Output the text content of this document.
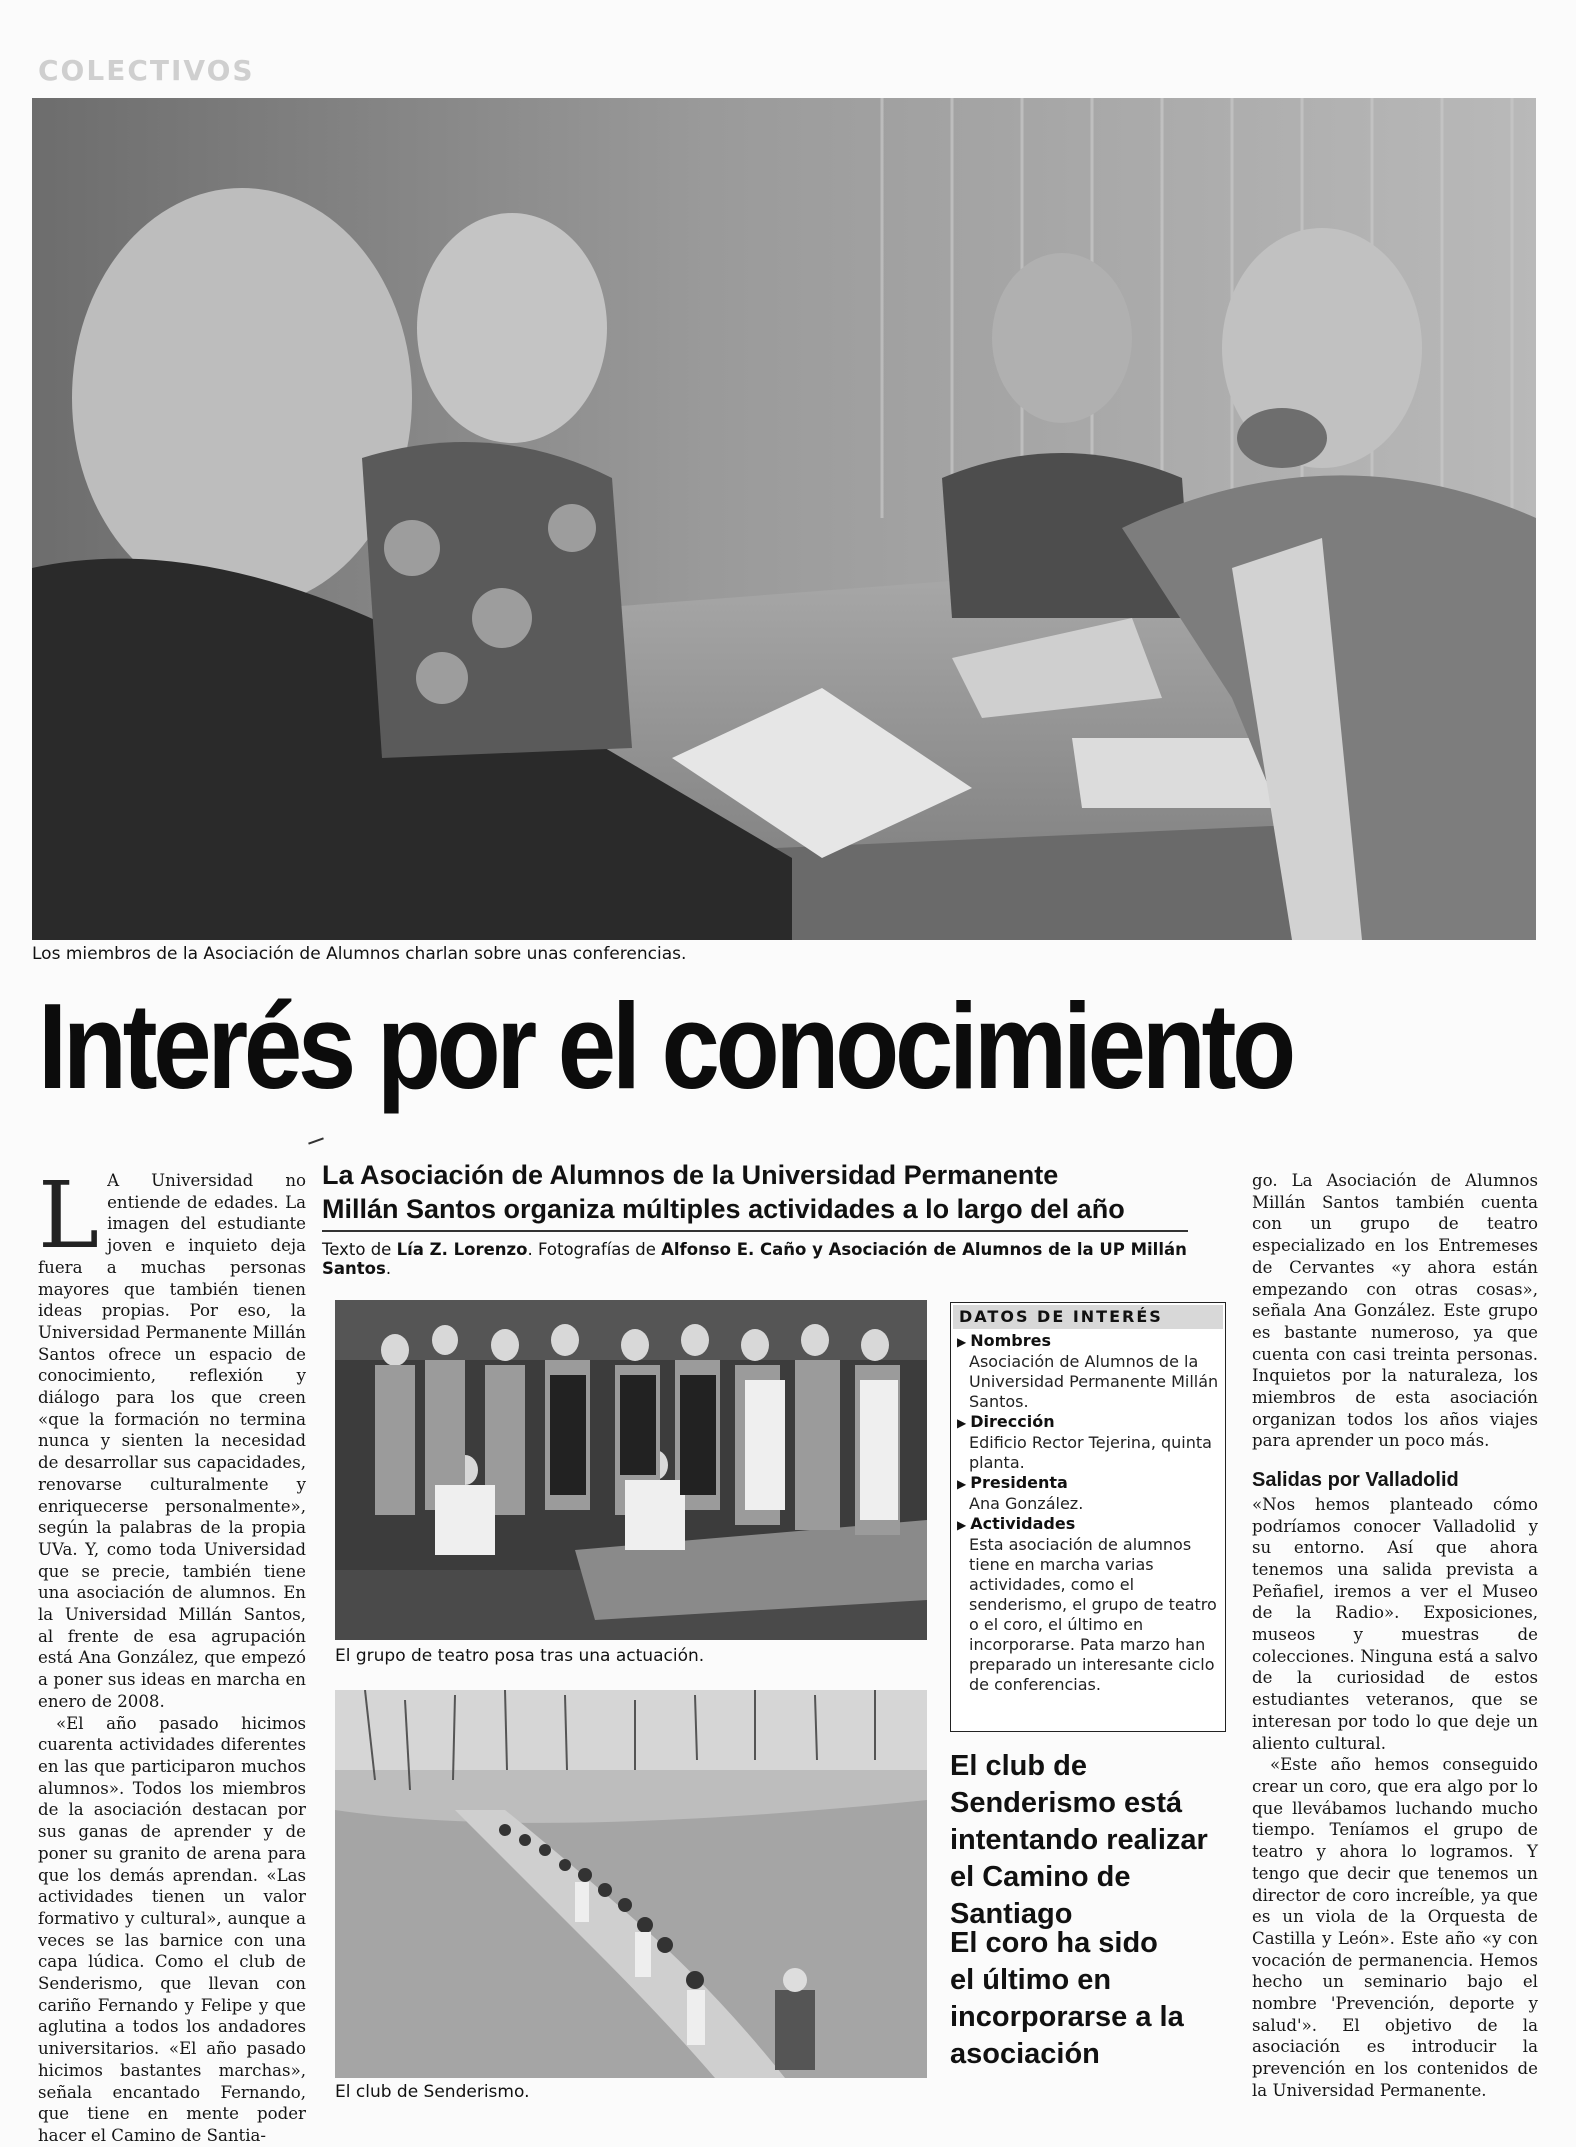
COLECTIVOS
Los miembros de la Asociación de Alumnos charlan sobre unas conferencias.
Interés por el conocimiento

L A Universidad no entiende de edades. La imagen del estudiante joven e inquieto deja fuera a muchas personas mayores que también tienen ideas propias. Por eso, la Universidad Permanente Millán Santos ofrece un espacio de conocimiento, reflexión y diálogo para los que creen «que la formación no termina nunca y sienten la necesidad de desarrollar sus capacidades, renovarse culturalmente y enriquecerse personalmente», según la palabras de la propia UVa. Y, como toda Universidad que se precie, también tiene una asociación de alumnos. En la Universidad Millán Santos, al frente de esa agrupación está Ana González, que empezó a poner sus ideas en marcha en enero de 2008.

«El año pasado hicimos cuarenta actividades diferentes en las que participaron muchos alumnos». Todos los miembros de la asociación destacan por sus ganas de aprender y de poner su granito de arena para que los demás aprendan. «Las actividades tienen un valor formativo y cultural», aunque a veces se las barnice con una capa lúdica. Como el club de Senderismo, que llevan con cariño Fernando y Felipe y que aglutina a todos los andadores universitarios. «El año pasado hicimos bastantes marchas», señala encantado Fernando, que tiene en mente poder hacer el Camino de Santia-

La Asociación de Alumnos de la Universidad Permanente
Millán Santos organiza múltiples actividades a lo largo del año
Texto de Lía Z. Lorenzo. Fotografías de Alfonso E. Caño y Asociación de Alumnos de la UP Millán Santos.
El grupo de teatro posa tras una actuación.
El club de Senderismo.
DATOS DE INTERÉS
▶ Nombres
Asociación de Alumnos de la Universidad Permanente Millán Santos.
▶ Dirección
Edificio Rector Tejerina, quinta planta.
▶ Presidenta
Ana González.
▶ Actividades
Esta asociación de alumnos tiene en marcha varias actividades, como el senderismo, el grupo de teatro o el coro, el último en incorporarse. Pata marzo han preparado un interesante ciclo de conferencias.
El club de Senderismo está intentando realizar el Camino de Santiago
El coro ha sido el último en incorporarse a la asociación

go. La Asociación de Alumnos Millán Santos también cuenta con un grupo de teatro especializado en los Entremeses de Cervantes «y ahora están empezando con otras cosas», señala Ana González. Este grupo es bastante numeroso, ya que cuenta con casi treinta personas. Inquietos por la naturaleza, los miembros de esta asociación organizan todos los años viajes para aprender un poco más.

Salidas por Valladolid

«Nos hemos planteado cómo podríamos conocer Valladolid y su entorno. Así que ahora tenemos una salida prevista a Peñafiel, iremos a ver el Museo de la Radio». Exposiciones, museos y muestras de colecciones. Ninguna está a salvo de la curiosidad de estos estudiantes veteranos, que se interesan por todo lo que deje un aliento cultural.

«Este año hemos conseguido crear un coro, que era algo por lo que llevábamos luchando mucho tiempo. Teníamos el grupo de teatro y ahora lo logramos. Y tengo que decir que tenemos un director de coro increíble, ya que es un viola de la Orquesta de Castilla y León». Este año «y con vocación de permanencia. Hemos hecho un seminario bajo el nombre 'Prevención, deporte y salud'». El objetivo de la asociación es introducir la prevención en los contenidos de la Universidad Permanente.
